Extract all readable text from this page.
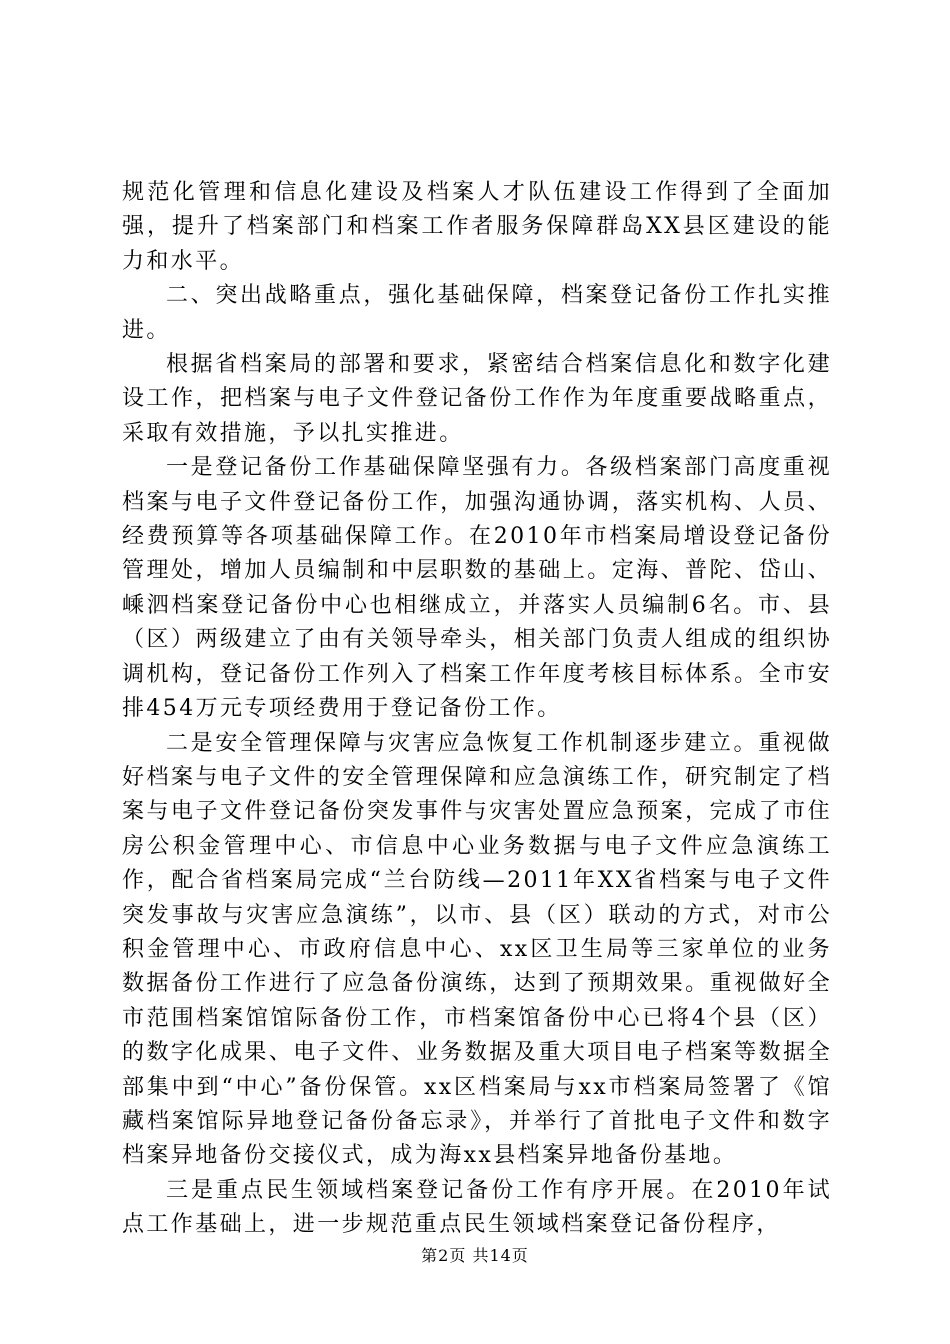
规范化管理和信息化建设及档案人才队伍建设工作得到了全面加强，提升了档案部门和档案工作者服务保障群岛XX县区建设的能力和水平。

二、突出战略重点，强化基础保障，档案登记备份工作扎实推进。

根据省档案局的部署和要求，紧密结合档案信息化和数字化建设工作，把档案与电子文件登记备份工作作为年度重要战略重点，采取有效措施，予以扎实推进。

一是登记备份工作基础保障坚强有力。各级档案部门高度重视档案与电子文件登记备份工作，加强沟通协调，落实机构、人员、经费预算等各项基础保障工作。在2010年市档案局增设登记备份管理处，增加人员编制和中层职数的基础上。定海、普陀、岱山、嵊泗档案登记备份中心也相继成立，并落实人员编制6名。市、县（区）两级建立了由有关领导牵头，相关部门负责人组成的组织协调机构，登记备份工作列入了档案工作年度考核目标体系。全市安排454万元专项经费用于登记备份工作。

二是安全管理保障与灾害应急恢复工作机制逐步建立。重视做好档案与电子文件的安全管理保障和应急演练工作，研究制定了档案与电子文件登记备份突发事件与灾害处置应急预案，完成了市住房公积金管理中心、市信息中心业务数据与电子文件应急演练工作，配合省档案局完成“兰台防线—2011年XX省档案与电子文件突发事故与灾害应急演练”，以市、县（区）联动的方式，对市公积金管理中心、市政府信息中心、xx区卫生局等三家单位的业务数据备份工作进行了应急备份演练，达到了预期效果。重视做好全市范围档案馆馆际备份工作，市档案馆备份中心已将4个县（区）的数字化成果、电子文件、业务数据及重大项目电子档案等数据全部集中到“中心”备份保管。xx区档案局与xx市档案局签署了《馆藏档案馆际异地登记备份备忘录》，并举行了首批电子文件和数字档案异地备份交接仪式，成为海xx县档案异地备份基地。

三是重点民生领域档案登记备份工作有序开展。在2010年试点工作基础上，进一步规范重点民生领域档案登记备份程序，

第2页 共14页
